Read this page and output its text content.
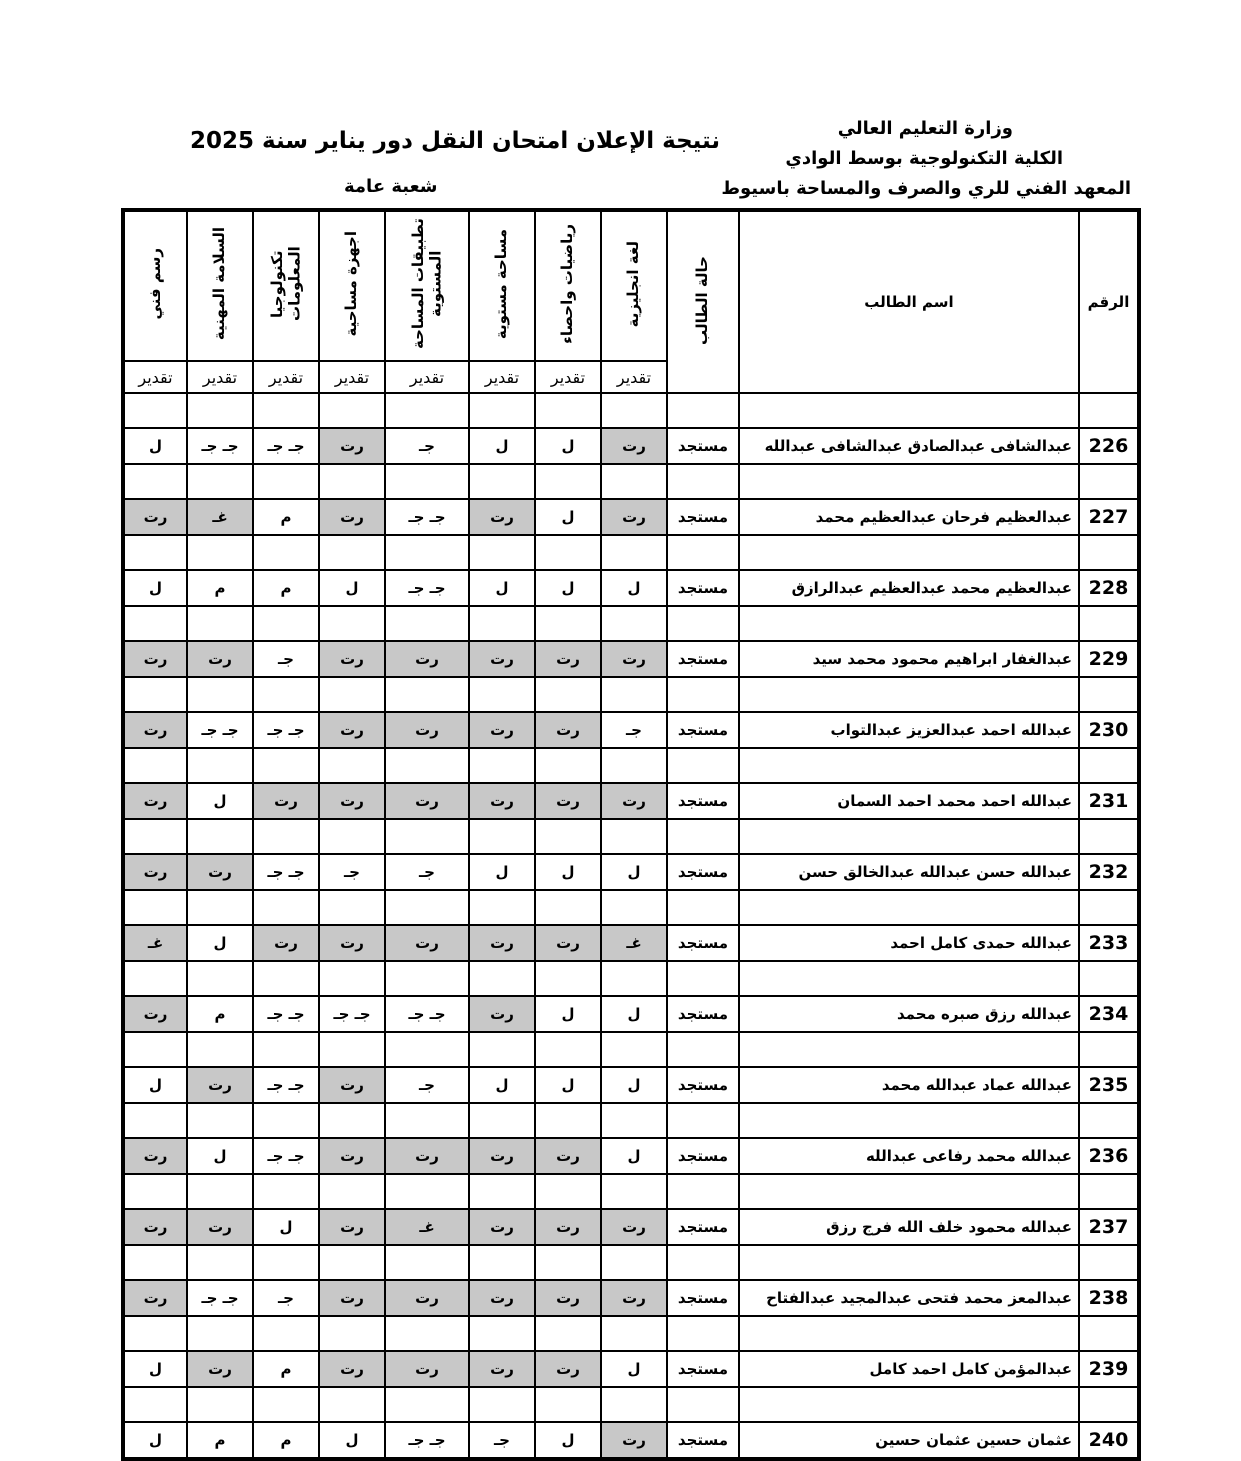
وزارة التعليم العالي
الكلية التكنولوجية بوسط الوادي
المعهد الفني للري والصرف والمساحة باسيوط
نتيجة الإعلان امتحان النقل دور يناير سنة 2025
شعبة عامة
الرقم	اسم الطالب	حالة الطالب	لغة انجليزية	رياضيات واحصاء	مساحة مستوية	تطبيقات المساحة المستوية	اجهزة مساحية	تكنولوجيا المعلومات	السلامة المهنية	رسم فني
			تقدير	تقدير	تقدير	تقدير	تقدير	تقدير	تقدير	تقدير

226	عبدالشافى عبدالصادق عبدالشافى عبدالله	مستجد	رت	ل	ل	جـ	رت	جـ جـ	جـ جـ	ل

227	عبدالعظيم فرحان عبدالعظيم محمد	مستجد	رت	ل	رت	جـ جـ	رت	م	غـ	رت

228	عبدالعظيم محمد عبدالعظيم عبدالرازق	مستجد	ل	ل	ل	جـ جـ	ل	م	م	ل

229	عبدالغفار ابراهيم محمود محمد سيد	مستجد	رت	رت	رت	رت	رت	جـ	رت	رت

230	عبدالله احمد عبدالعزيز عبدالتواب	مستجد	جـ	رت	رت	رت	رت	جـ جـ	جـ جـ	رت

231	عبدالله احمد محمد احمد السمان	مستجد	رت	رت	رت	رت	رت	رت	ل	رت

232	عبدالله حسن عبدالله عبدالخالق حسن	مستجد	ل	ل	ل	جـ	جـ	جـ جـ	رت	رت

233	عبدالله حمدى كامل احمد	مستجد	غـ	رت	رت	رت	رت	رت	ل	غـ

234	عبدالله رزق صبره محمد	مستجد	ل	ل	رت	جـ جـ	جـ جـ	جـ جـ	م	رت

235	عبدالله عماد عبدالله محمد	مستجد	ل	ل	ل	جـ	رت	جـ جـ	رت	ل

236	عبدالله محمد رفاعى عبدالله	مستجد	ل	رت	رت	رت	رت	جـ جـ	ل	رت

237	عبدالله محمود خلف الله فرج رزق	مستجد	رت	رت	رت	غـ	رت	ل	رت	رت

238	عبدالمعز محمد فتحى عبدالمجيد عبدالفتاح	مستجد	رت	رت	رت	رت	رت	جـ	جـ جـ	رت

239	عبدالمؤمن كامل احمد كامل	مستجد	ل	رت	رت	رت	رت	م	رت	ل

240	عثمان حسين عثمان حسين	مستجد	رت	ل	جـ	جـ جـ	ل	م	م	ل
